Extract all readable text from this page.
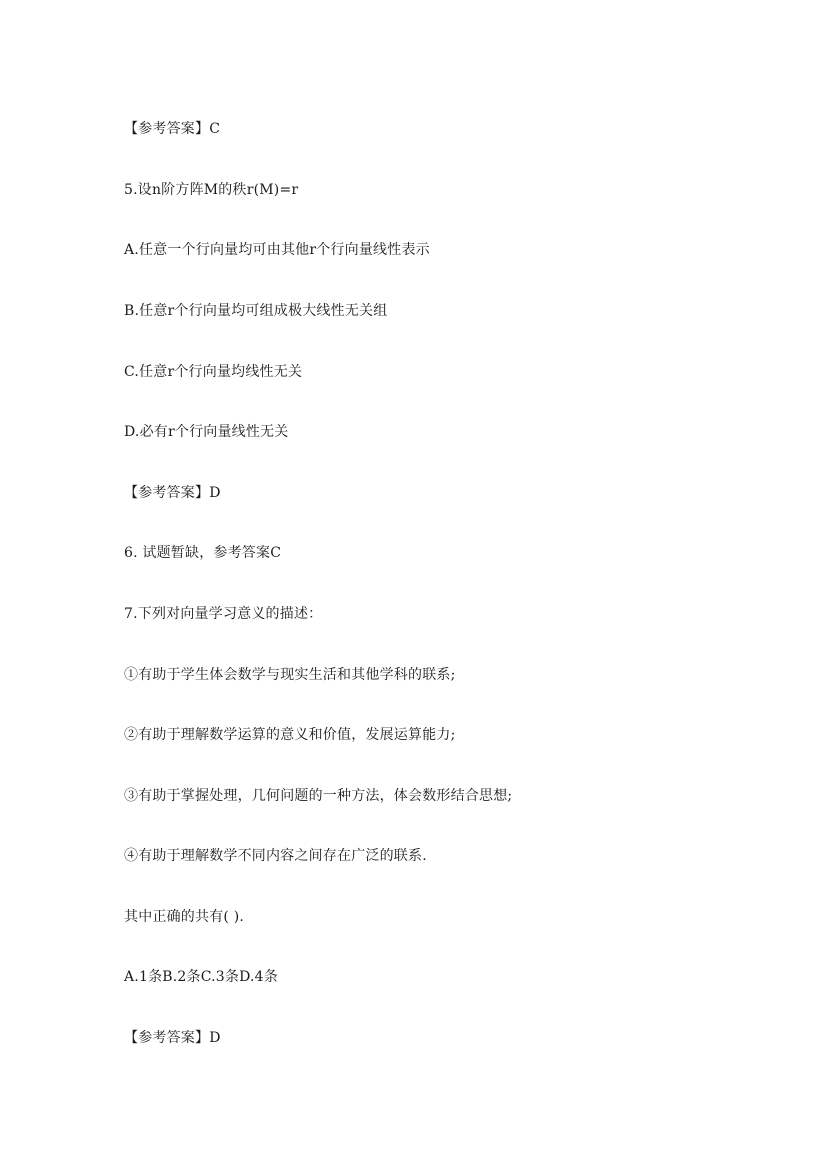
【参考答案】C
5.设n阶方阵M的秩r(M)=r
A.任意一个行向量均可由其他r个行向量线性表示
B.任意r个行向量均可组成极大线性无关组
C.任意r个行向量均线性无关
D.必有r个行向量线性无关
【参考答案】D
6. 试题暂缺，参考答案C
7.下列对向量学习意义的描述：
①有助于学生体会数学与现实生活和其他学科的联系;
②有助于理解数学运算的意义和价值，发展运算能力;
③有助于掌握处理，几何问题的一种方法，体会数形结合思想;
④有助于理解数学不同内容之间存在广泛的联系.
其中正确的共有( ).
A.1条B.2条C.3条D.4条
【参考答案】D
